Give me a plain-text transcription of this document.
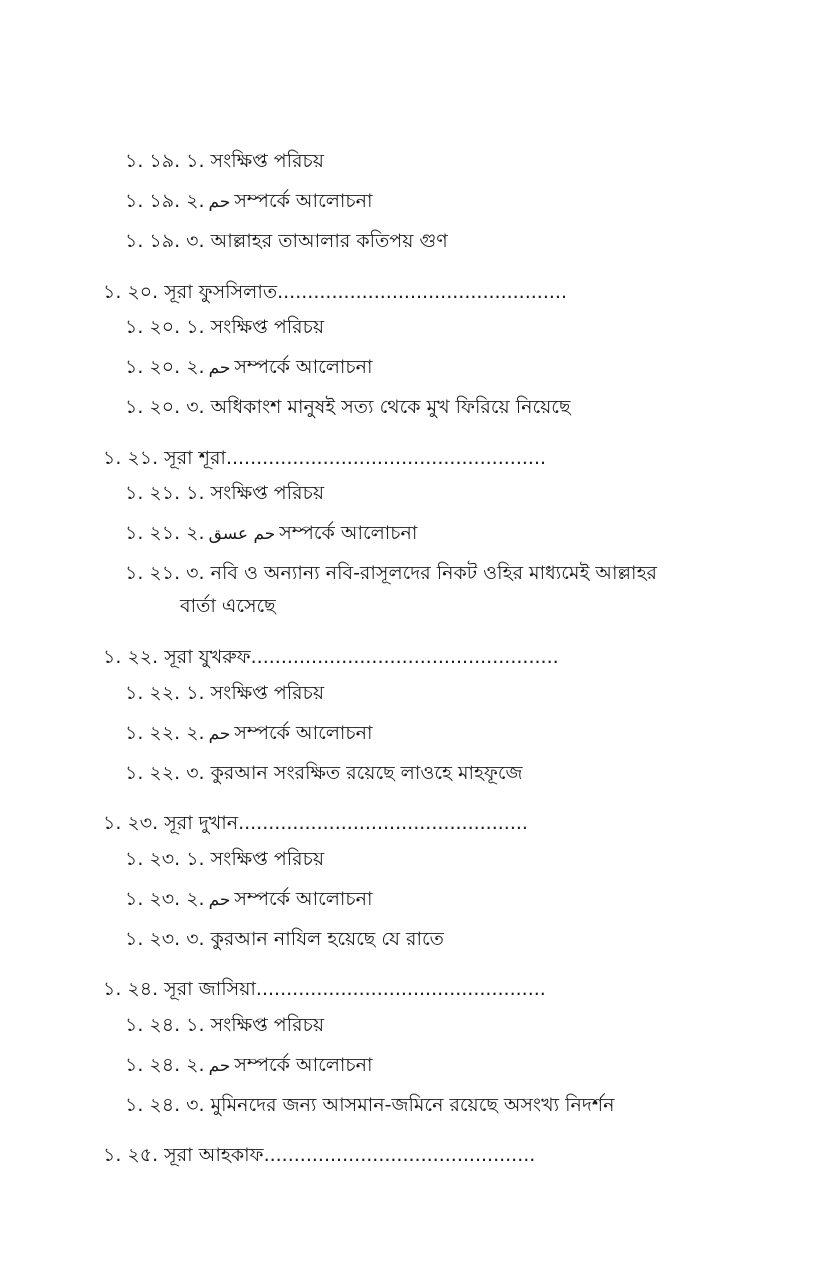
১. ১৯. ১. সংক্ষিপ্ত পরিচয়
১. ১৯. ২. حم সম্পর্কে আলোচনা
১. ১৯. ৩. আল্লাহর তাআলার কতিপয় গুণ
১. ২০. সূরা ফুসসিলাত................................................
১. ২০. ১. সংক্ষিপ্ত পরিচয়
১. ২০. ২. حم সম্পর্কে আলোচনা
১. ২০. ৩. অধিকাংশ মানুষই সত্য থেকে মুখ ফিরিয়ে নিয়েছে
১. ২১. সূরা শূরা.....................................................
১. ২১. ১. সংক্ষিপ্ত পরিচয়
১. ২১. ২. حم عسق সম্পর্কে আলোচনা
১. ২১. ৩. নবি ও অন্যান্য নবি-রাসূলদের নিকট ওহির মাধ্যমেই আল্লাহর
বার্তা এসেছে
১. ২২. সূরা যুখরুফ...................................................
১. ২২. ১. সংক্ষিপ্ত পরিচয়
১. ২২. ২. حم সম্পর্কে আলোচনা
১. ২২. ৩. কুরআন সংরক্ষিত রয়েছে লাওহে মাহফূজে
১. ২৩. সূরা দুখান................................................
১. ২৩. ১. সংক্ষিপ্ত পরিচয়
১. ২৩. ২. حم সম্পর্কে আলোচনা
১. ২৩. ৩. কুরআন নাযিল হয়েছে যে রাতে
১. ২৪. সূরা জাসিয়া................................................
১. ২৪. ১. সংক্ষিপ্ত পরিচয়
১. ২৪. ২. حم সম্পর্কে আলোচনা
১. ২৪. ৩. মুমিনদের জন্য আসমান-জমিনে রয়েছে অসংখ্য নিদর্শন
১. ২৫. সূরা আহকাফ.............................................
